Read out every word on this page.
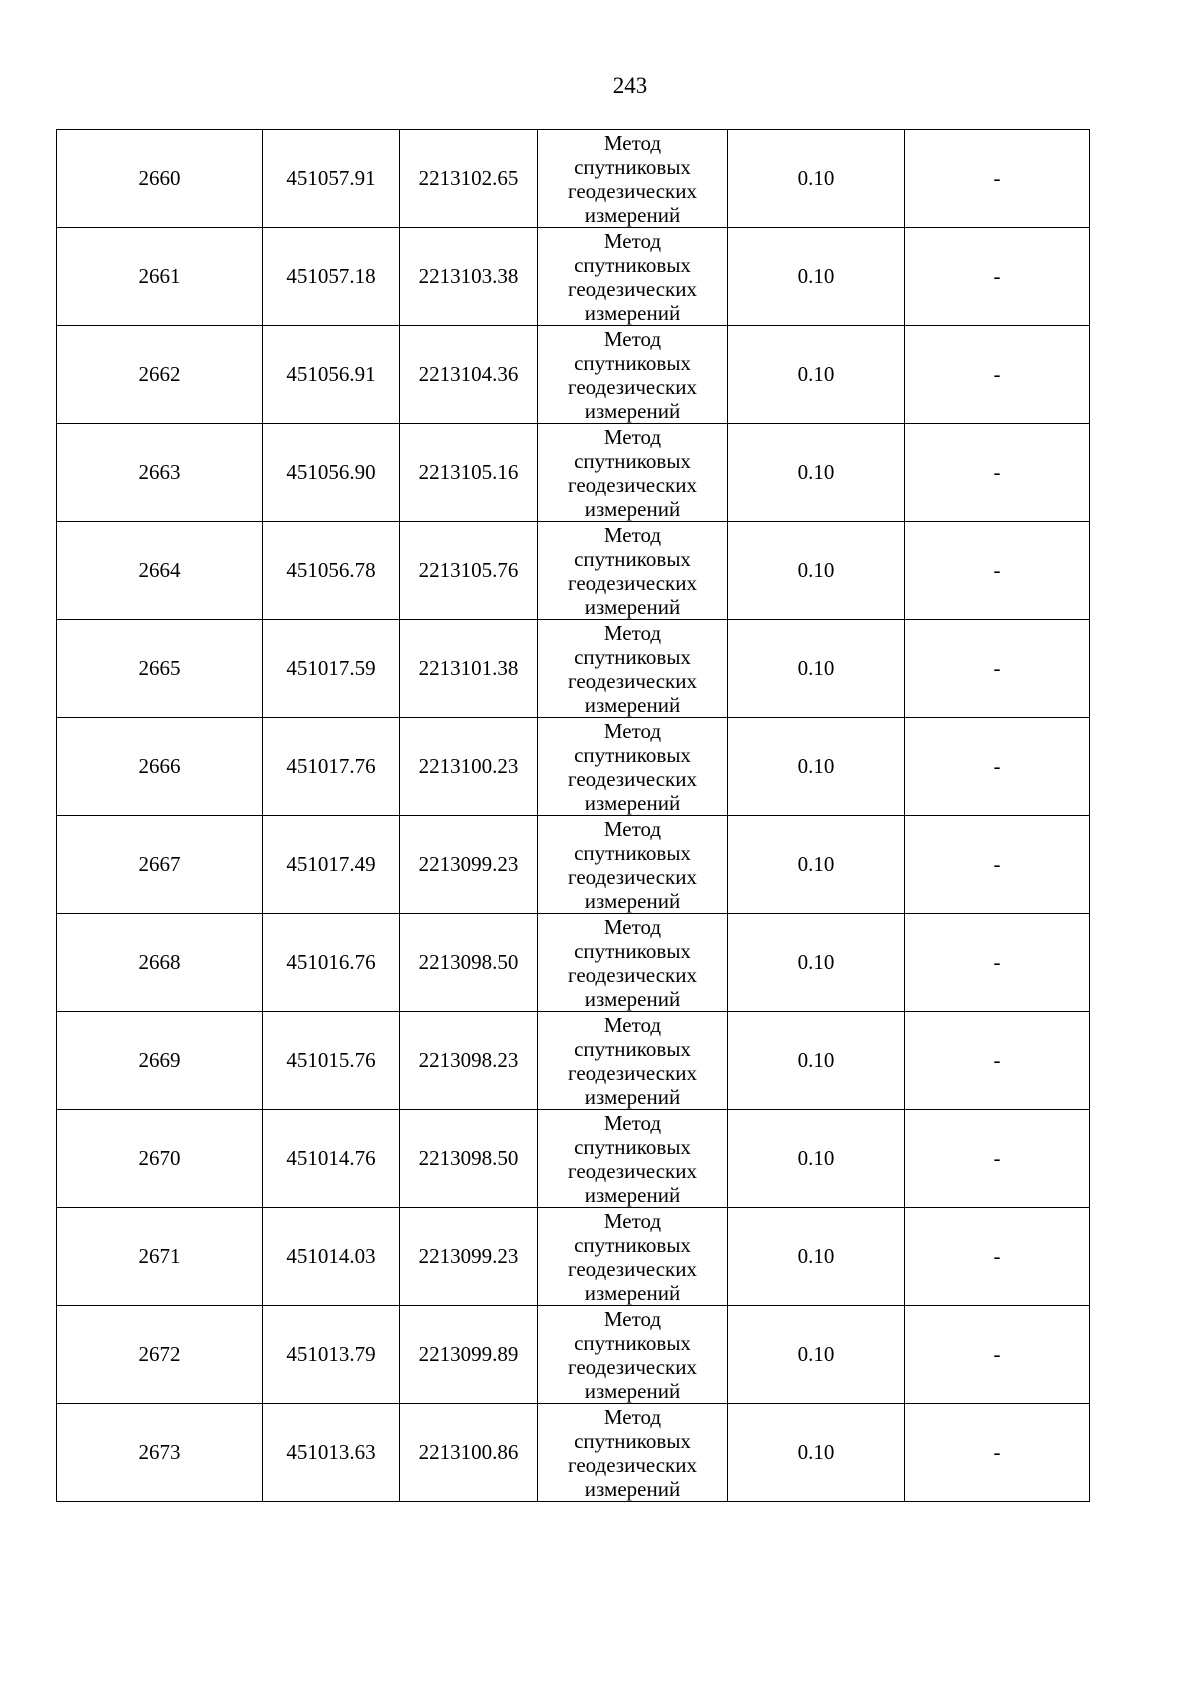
243
2660	451057.91	2213102.65	Метод
спутниковых
геодезических
измерений	0.10	-
2661	451057.18	2213103.38	Метод
спутниковых
геодезических
измерений	0.10	-
2662	451056.91	2213104.36	Метод
спутниковых
геодезических
измерений	0.10	-
2663	451056.90	2213105.16	Метод
спутниковых
геодезических
измерений	0.10	-
2664	451056.78	2213105.76	Метод
спутниковых
геодезических
измерений	0.10	-
2665	451017.59	2213101.38	Метод
спутниковых
геодезических
измерений	0.10	-
2666	451017.76	2213100.23	Метод
спутниковых
геодезических
измерений	0.10	-
2667	451017.49	2213099.23	Метод
спутниковых
геодезических
измерений	0.10	-
2668	451016.76	2213098.50	Метод
спутниковых
геодезических
измерений	0.10	-
2669	451015.76	2213098.23	Метод
спутниковых
геодезических
измерений	0.10	-
2670	451014.76	2213098.50	Метод
спутниковых
геодезических
измерений	0.10	-
2671	451014.03	2213099.23	Метод
спутниковых
геодезических
измерений	0.10	-
2672	451013.79	2213099.89	Метод
спутниковых
геодезических
измерений	0.10	-
2673	451013.63	2213100.86	Метод
спутниковых
геодезических
измерений	0.10	-
